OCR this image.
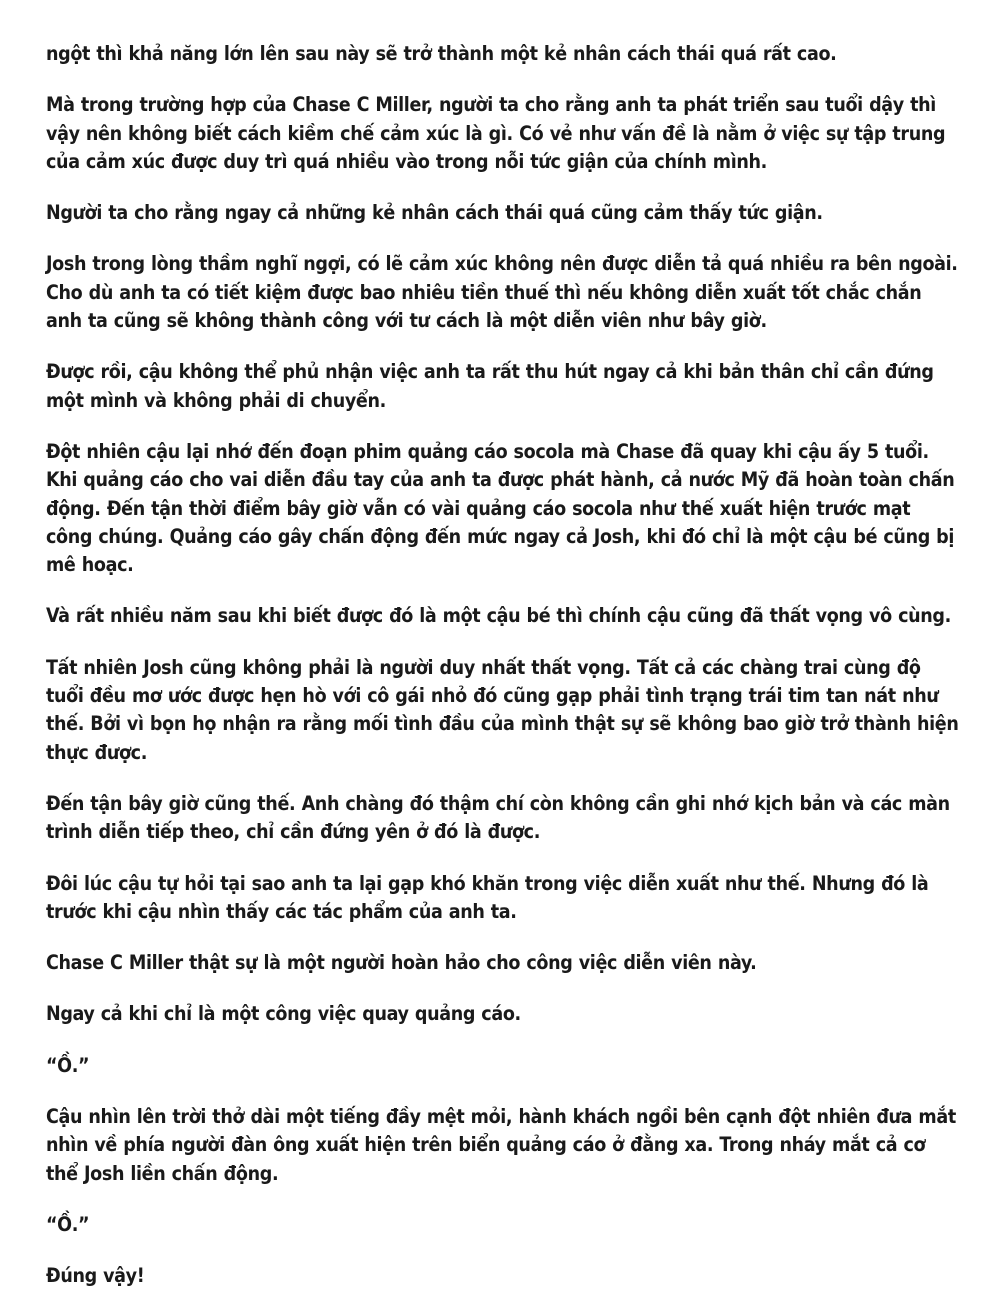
ngột thì khả năng lớn lên sau này sẽ trở thành một kẻ nhân cách thái quá rất cao.

Mà trong trường hợp của Chase C Miller, người ta cho rằng anh ta phát triển sau tuổi dậy thì vậy nên không biết cách kiềm chế cảm xúc là gì. Có vẻ như vấn đề là nằm ở việc sự tập trung của cảm xúc được duy trì quá nhiều vào trong nỗi tức giận của chính mình.

Người ta cho rằng ngay cả những kẻ nhân cách thái quá cũng cảm thấy tức giận.

Josh trong lòng thầm nghĩ ngợi, có lẽ cảm xúc không nên được diễn tả quá nhiều ra bên ngoài. Cho dù anh ta có tiết kiệm được bao nhiêu tiền thuế thì nếu không diễn xuất tốt chắc chắn anh ta cũng sẽ không thành công với tư cách là một diễn viên như bây giờ.

Được rồi, cậu không thể phủ nhận việc anh ta rất thu hút ngay cả khi bản thân chỉ cần đứng một mình và không phải di chuyển.

Đột nhiên cậu lại nhớ đến đoạn phim quảng cáo socola mà Chase đã quay khi cậu ấy 5 tuổi. Khi quảng cáo cho vai diễn đầu tay của anh ta được phát hành, cả nước Mỹ đã hoàn toàn chấn động. Đến tận thời điểm bây giờ vẫn có vài quảng cáo socola như thế xuất hiện trước mạt công chúng. Quảng cáo gây chấn động đến mức ngay cả Josh, khi đó chỉ là một cậu bé cũng bị mê hoạc.

Và rất nhiều năm sau khi biết được đó là một cậu bé thì chính cậu cũng đã thất vọng vô cùng.

Tất nhiên Josh cũng không phải là người duy nhất thất vọng. Tất cả các chàng trai cùng độ tuổi đều mơ ước được hẹn hò với cô gái nhỏ đó cũng gạp phải tình trạng trái tim tan nát như thế. Bởi vì bọn họ nhận ra rằng mối tình đầu của mình thật sự sẽ không bao giờ trở thành hiện thực được.

Đến tận bây giờ cũng thế. Anh chàng đó thậm chí còn không cần ghi nhớ kịch bản và các màn trình diễn tiếp theo, chỉ cần đứng yên ở đó là được.

Đôi lúc cậu tự hỏi tại sao anh ta lại gạp khó khăn trong việc diễn xuất như thế. Nhưng đó là trước khi cậu nhìn thấy các tác phẩm của anh ta.

Chase C Miller thật sự là một người hoàn hảo cho công việc diễn viên này.

Ngay cả khi chỉ là một công việc quay quảng cáo.

“Ồ.”

Cậu nhìn lên trời thở dài một tiếng đầy mệt mỏi, hành khách ngồi bên cạnh đột nhiên đưa mắt nhìn về phía người đàn ông xuất hiện trên biển quảng cáo ở đằng xa. Trong nháy mắt cả cơ thể Josh liền chấn động.

“Ồ.”

Đúng vậy!
